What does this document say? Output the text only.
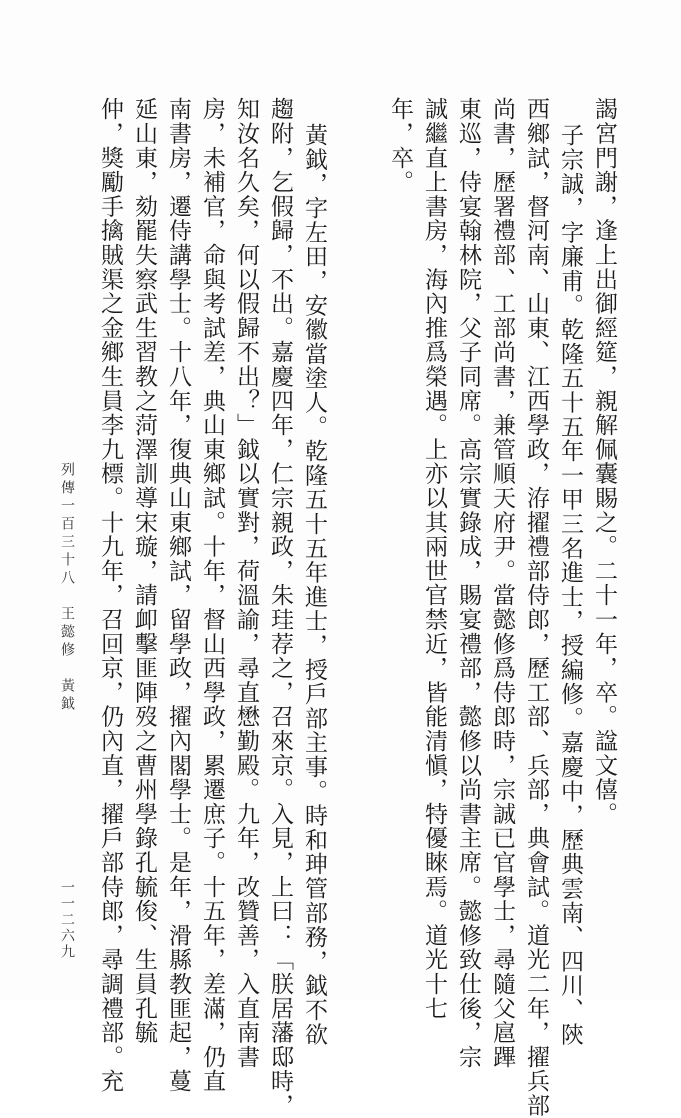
謁宮門謝，逢上出御經筵，親解佩囊賜之。二十一年，卒。諡文僖。
子宗誠，字廉甫。乾隆五十五年一甲三名進士，授編修。嘉慶中，歷典雲南、四川、陝
西鄉試，督河南、山東、江西學政，洊擢禮部侍郎，歷工部、兵部，典會試。道光二年，擢兵部
尚書，歷署禮部、工部尚書，兼管順天府尹。當懿修爲侍郎時，宗誠已官學士，尋隨父扈蹕
東巡，侍宴翰林院，父子同席。高宗實錄成，賜宴禮部，懿修以尚書主席。懿修致仕後，宗
誠繼直上書房，海內推爲榮遇。上亦以其兩世官禁近，皆能清愼，特優睞焉。道光十七
年，卒。
黃鉞，字左田，安徽當塗人。乾隆五十五年進士，授戶部主事。時和珅管部務，鉞不欲
趨附，乞假歸，不出。嘉慶四年，仁宗親政，朱珪荐之，召來京。入見，上曰：「朕居藩邸時，
知汝名久矣，何以假歸不出？」鉞以實對，荷溫諭，尋直懋勤殿。九年，改贊善，入直南書
房，未補官，命與考試差，典山東鄉試。十年，督山西學政，累遷庶子。十五年，差滿，仍直
南書房，遷侍講學士。十八年，復典山東鄉試，留學政，擢內閣學士。是年，滑縣教匪起，蔓
延山東，劾罷失察武生習教之菏澤訓導宋璇，請卹擊匪陣歿之曹州學錄孔毓俊、生員孔毓
仲，獎勵手擒賊渠之金鄉生員李九標。十九年，召回京，仍內直，擢戶部侍郎，尋調禮部。充
列傳一百三十八　王懿修　黃鉞
一一二六九
